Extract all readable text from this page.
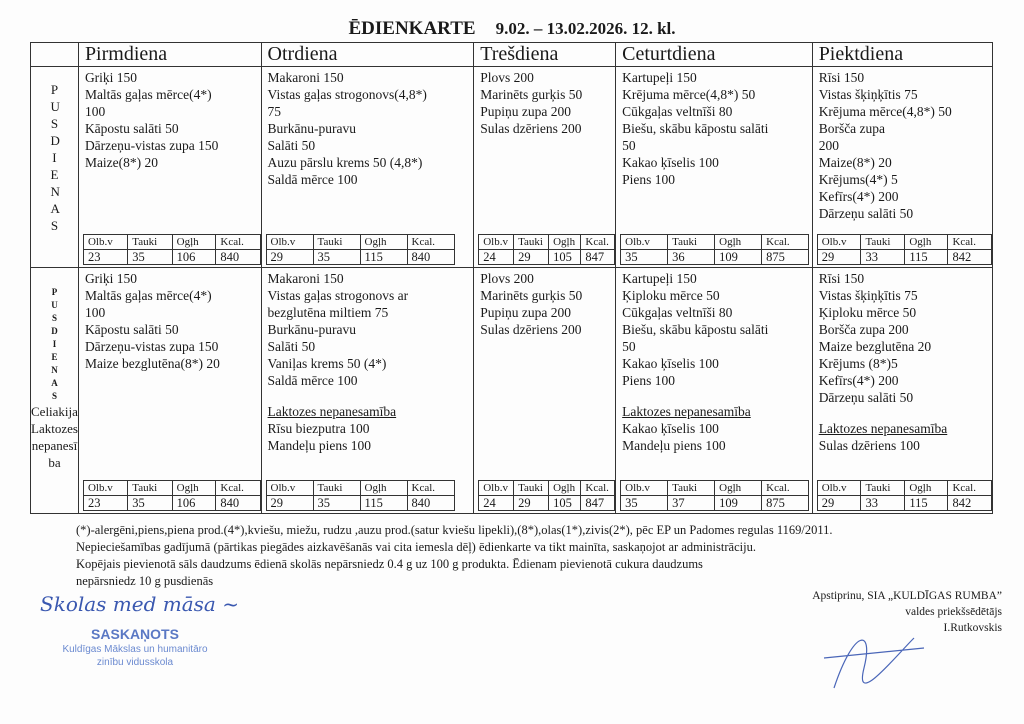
ĒDIENKARTE 9.02. – 13.02.2026. 12. kl.
	Pirmdiena	Otrdiena	Trešdiena	Ceturtdiena	Piektdiena

PUSDIENAS

Griķi 150
Maltās gaļas mērce(4*)
100
Kāpostu salāti 50
Dārzeņu-vistas zupa 150
Maize(8*) 20
Olb.v	Tauki	Ogļh	Kcal.
23	35	106	840

Makaroni 150
Vistas gaļas strogonovs(4,8*)
75
Burkānu-puravu
Salāti 50
Auzu pārslu krems 50 (4,8*)
Saldā mērce 100
Olb.v	Tauki	Ogļh	Kcal.
29	35	115	840

Plovs 200
Marinēts gurķis 50
Pupiņu zupa 200
Sulas dzēriens 200
Olb.v	Tauki	Ogļh	Kcal.
24	29	105	847

Kartupeļi 150
Krējuma mērce(4,8*) 50
Cūkgaļas veltnīši 80
Biešu, skābu kāpostu salāti
50
Kakao ķīselis 100
Piens 100
Olb.v	Tauki	Ogļh	Kcal.
35	36	109	875

Rīsi 150
Vistas šķiņķītis 75
Krējuma mērce(4,8*) 50
Boršča zupa
200
Maize(8*) 20
Krējums(4*) 5
Kefīrs(4*) 200
Dārzeņu salāti 50
Olb.v	Tauki	Ogļh	Kcal.
29	33	115	842

PUSDIENAS
Celiakija Laktozes nepanesī ba

Griķi 150
Maltās gaļas mērce(4*)
100
Kāpostu salāti 50
Dārzeņu-vistas zupa 150
Maize bezglutēna(8*) 20
Olb.v	Tauki	Ogļh	Kcal.
23	35	106	840

Makaroni 150
Vistas gaļas strogonovs ar
bezglutēna miltiem 75
Burkānu-puravu
Salāti 50
Vaniļas krems 50 (4*)
Saldā mērce 100
Laktozes nepanesamība
Rīsu biezputra 100
Mandeļu piens 100
Olb.v	Tauki	Ogļh	Kcal.
29	35	115	840

Plovs 200
Marinēts gurķis 50
Pupiņu zupa 200
Sulas dzēriens 200
Olb.v	Tauki	Ogļh	Kcal.
24	29	105	847

Kartupeļi 150
Ķiploku mērce 50
Cūkgaļas veltnīši 80
Biešu, skābu kāpostu salāti
50
Kakao ķīselis 100
Piens 100
Laktozes nepanesamība
Kakao ķīselis 100
Mandeļu piens 100
Olb.v	Tauki	Ogļh	Kcal.
35	37	109	875

Rīsi 150
Vistas šķiņķītis 75
Ķiploku mērce 50
Boršča zupa 200
Maize bezglutēna 20
Krējums (8*)5
Kefīrs(4*) 200
Dārzeņu salāti 50
Laktozes nepanesamība
Sulas dzēriens 100
Olb.v	Tauki	Ogļh	Kcal.
29	33	115	842
(*)-alergēni,piens,piena prod.(4*),kviešu, miežu, rudzu ,auzu prod.(satur kviešu lipekli),(8*),olas(1*),zivis(2*), pēc EP un Padomes regulas 1169/2011.
Nepieciešamības gadījumā (pārtikas piegādes aizkavēšanās vai cita iemesla dēļ) ēdienkarte va tikt mainīta, saskaņojot ar administrāciju.
Kopējais pievienotā sāls daudzums ēdienā skolās nepārsniedz 0.4 g uz 100 g produkta. Ēdienam pievienotā cukura daudzums
nepārsniedz 10 g pusdienās
Skolas med māsa ~
SASKAŅOTS
Kuldīgas Mākslas un humanitāro
zinību vidusskola
Apstiprinu, SIA „KULDĪGAS RUMBA”
valdes priekšsēdētājs
I.Rutkovskis
